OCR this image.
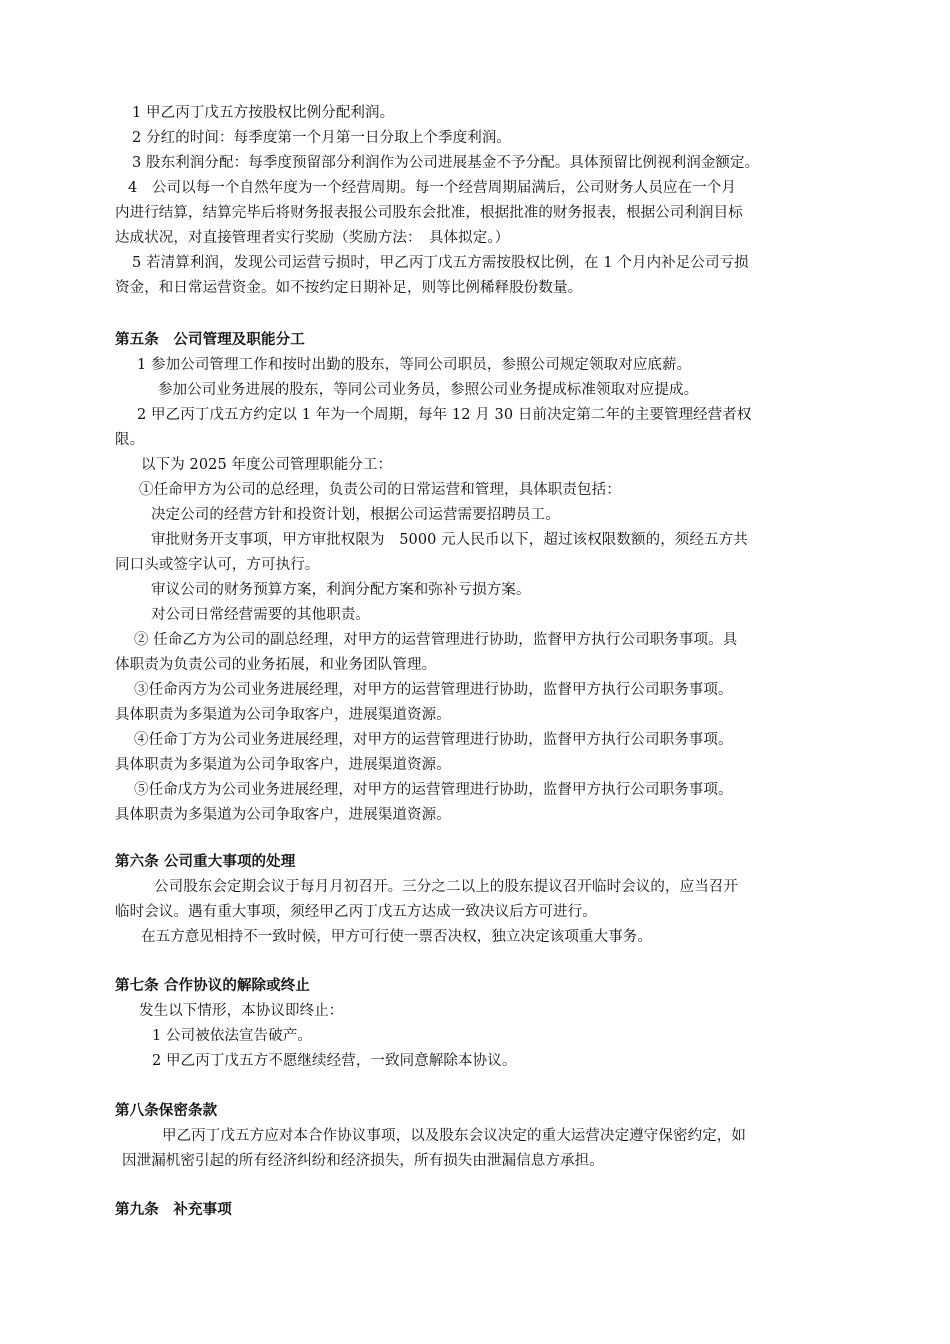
1 甲乙丙丁戊五方按股权比例分配利润。
2 分红的时间：每季度第一个月第一日分取上个季度利润。
3 股东利润分配：每季度预留部分利润作为公司进展基金不予分配。具体预留比例视利润金额定。
4　公司以每一个自然年度为一个经营周期。每一个经营周期届满后，公司财务人员应在一个月
内进行结算，结算完毕后将财务报表报公司股东会批准，根据批准的财务报表，根据公司利润目标
达成状况，对直接管理者实行奖励（奖励方法：　具体拟定。）
5 若清算利润，发现公司运营亏损时，甲乙丙丁戊五方需按股权比例，在 1 个月内补足公司亏损
资金，和日常运营资金。如不按约定日期补足，则等比例稀释股份数量。
第五条　公司管理及职能分工
1 参加公司管理工作和按时出勤的股东，等同公司职员，参照公司规定领取对应底薪。
参加公司业务进展的股东，等同公司业务员，参照公司业务提成标准领取对应提成。
2 甲乙丙丁戊五方约定以 1 年为一个周期，每年 12 月 30 日前决定第二年的主要管理经营者权
限。
以下为 2025 年度公司管理职能分工：
①任命甲方为公司的总经理，负责公司的日常运营和管理，具体职责包括：
决定公司的经营方针和投资计划，根据公司运营需要招聘员工。
审批财务开支事项，甲方审批权限为　5000 元人民币以下，超过该权限数额的，须经五方共
同口头或签字认可，方可执行。
审议公司的财务预算方案，利润分配方案和弥补亏损方案。
对公司日常经营需要的其他职责。
② 任命乙方为公司的副总经理，对甲方的运营管理进行协助，监督甲方执行公司职务事项。具
体职责为负责公司的业务拓展，和业务团队管理。
③任命丙方为公司业务进展经理，对甲方的运营管理进行协助，监督甲方执行公司职务事项。
具体职责为多渠道为公司争取客户，进展渠道资源。
④任命丁方为公司业务进展经理，对甲方的运营管理进行协助，监督甲方执行公司职务事项。
具体职责为多渠道为公司争取客户，进展渠道资源。
⑤任命戊方为公司业务进展经理，对甲方的运营管理进行协助，监督甲方执行公司职务事项。
具体职责为多渠道为公司争取客户，进展渠道资源。
第六条 公司重大事项的处理
公司股东会定期会议于每月月初召开。三分之二以上的股东提议召开临时会议的，应当召开
临时会议。遇有重大事项，须经甲乙丙丁戊五方达成一致决议后方可进行。
在五方意见相持不一致时候，甲方可行使一票否决权，独立决定该项重大事务。
第七条 合作协议的解除或终止
发生以下情形，本协议即终止：
1 公司被依法宣告破产。
2 甲乙丙丁戊五方不愿继续经营，一致同意解除本协议。
第八条保密条款
甲乙丙丁戊五方应对本合作协议事项，以及股东会议决定的重大运营决定遵守保密约定，如
因泄漏机密引起的所有经济纠纷和经济损失，所有损失由泄漏信息方承担。
第九条　补充事项
